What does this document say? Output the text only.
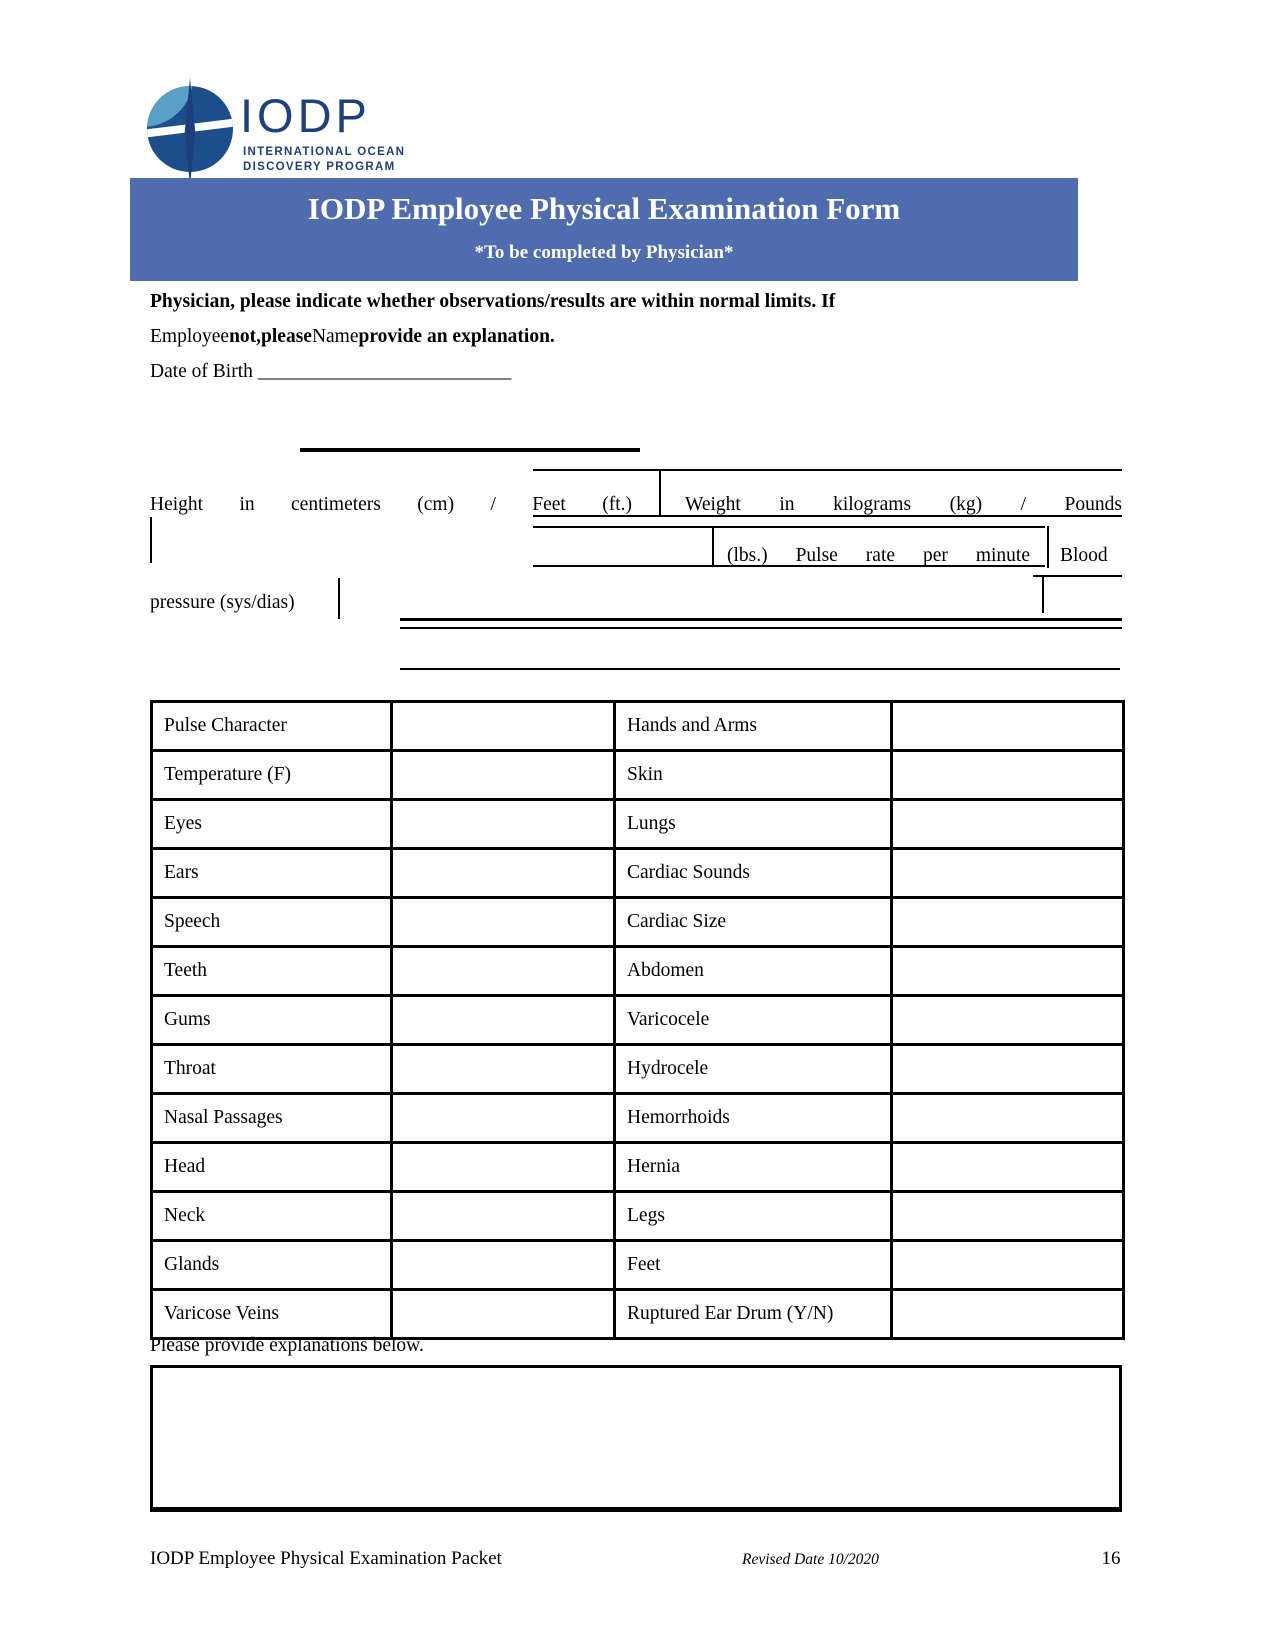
IODP
INTERNATIONAL OCEAN
DISCOVERY PROGRAM
IODP Employee Physical Examination Form
*To be completed by Physician*
Physician, please indicate whether observations/results are within normal limits. If
Employeenot,pleaseNameprovide an explanation.
Date of Birth __________________________
Height in centimeters (cm) / Feet (ft.)	Weight in kilograms (kg) / Pounds
(lbs.) Pulse rate per minute Blood
pressure (sys/dias)
Pulse Character		Hands and Arms	
Temperature (F)		Skin	
Eyes		Lungs	
Ears		Cardiac Sounds	
Speech		Cardiac Size	
Teeth		Abdomen	
Gums		Varicocele	
Throat		Hydrocele	
Nasal Passages		Hemorrhoids	
Head		Hernia	
Neck		Legs	
Glands		Feet	
Varicose Veins		Ruptured Ear Drum (Y/N)	
Please provide explanations below.
IODP Employee Physical Examination Packet	Revised Date 10/2020	16
